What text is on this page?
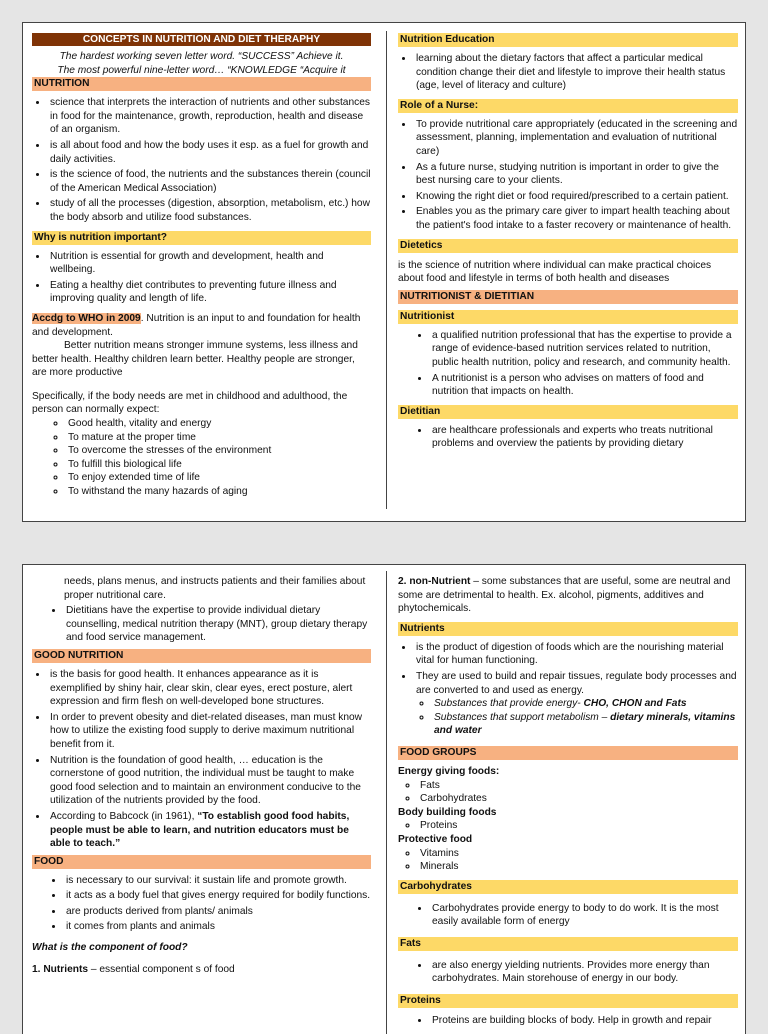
CONCEPTS IN NUTRITION AND DIET THERAPHY
The hardest working seven letter word. “SUCCESS” Achieve it.
The most powerful nine-letter word… “KNOWLEDGE “Acquire it
NUTRITION
• science that interprets the interaction of nutrients and other substances in food for the maintenance, growth, reproduction, health and disease of an organism.
• is all about food and how the body uses it esp. as a fuel for growth and daily activities.
• is the science of food, the nutrients and the substances therein (council of the American Medical Association)
• study of all the processes (digestion, absorption, metabolism, etc.) how the body absorb and utilize food substances.
Why is nutrition important?
• Nutrition is essential for growth and development, health and wellbeing.
• Eating a healthy diet contributes to preventing future illness and improving quality and length of life.

Accdg to WHO in 2009. Nutrition is an input to and foundation for health and development.

Better nutrition means stronger immune systems, less illness and better health. Healthy children learn better. Healthy people are stronger, are more productive

Specifically, if the body needs are met in childhood and adulthood, the person can normally expect:

◦ Good health, vitality and energy
◦ To mature at the proper time
◦ To overcome the stresses of the environment
◦ To fulfill this biological life
◦ To enjoy extended time of life
◦ To withstand the many hazards of aging
Nutrition Education
• learning about the dietary factors that affect a particular medical condition change their diet and lifestyle to improve their health status (age, level of literacy and culture)
Role of a Nurse:
• To provide nutritional care appropriately (educated in the screening and assessment, planning, implementation and evaluation of nutritional care)
• As a future nurse, studying nutrition is important in order to give the best nursing care to your clients.
• Knowing the right diet or food required/prescribed to a certain patient.
• Enables you as the primary care giver to impart health teaching about the patient's food intake to a faster recovery or maintenance of health.
Dietetics

is the science of nutrition where individual can make practical choices about food and lifestyle in terms of both health and diseases

NUTRITIONIST & DIETITIAN
Nutritionist
• a qualified nutrition professional that has the expertise to provide a range of evidence-based nutrition services related to nutrition, public health nutrition, policy and research, and community health.
• A nutritionist is a person who advises on matters of food and nutrition that impacts on health.
Dietitian
• are healthcare professionals and experts who treats nutritional problems and overview the patients by providing dietary

needs, plans menus, and instructs patients and their families about proper nutritional care.

• Dietitians have the expertise to provide individual dietary counselling, medical nutrition therapy (MNT), group dietary therapy and food service management.
GOOD NUTRITION
• is the basis for good health. It enhances appearance as it is exemplified by shiny hair, clear skin, clear eyes, erect posture, alert expression and firm flesh on well-developed bone structures.
• In order to prevent obesity and diet-related diseases, man must know how to utilize the existing food supply to derive maximum nutritional benefit from it.
• Nutrition is the foundation of good health, … education is the cornerstone of good nutrition, the individual must be taught to make good food selection and to maintain an environment conducive to the utilization of the nutrients provided by the food.
• According to Babcock (in 1961), “To establish good food habits, people must be able to learn, and nutrition educators must be able to teach.”
FOOD
• is necessary to our survival: it sustain life and promote growth.
• it acts as a body fuel that gives energy required for bodily functions.
• are products derived from plants/ animals
• it comes from plants and animals

What is the component of food?

1. Nutrients – essential component s of food

2. non-Nutrient – some substances that are useful, some are neutral and some are detrimental to health. Ex. alcohol, pigments, additives and phytochemicals.

Nutrients
• is the product of digestion of foods which are the nourishing material vital for human functioning.
• They are used to build and repair tissues, regulate body processes and are converted to and used as energy.
◦ Substances that provide energy- CHO, CHON and Fats
◦ Substances that support metabolism – dietary minerals, vitamins and water
FOOD GROUPS

Energy giving foods:

◦ Fats
◦ Carbohydrates

Body building foods

◦ Proteins

Protective food

◦ Vitamins
◦ Minerals
Carbohydrates
• Carbohydrates provide energy to body to do work. It is the most easily available form of energy
Fats
• are also energy yielding nutrients. Provides more energy than carbohydrates. Main storehouse of energy in our body.
Proteins
• Proteins are building blocks of body. Help in growth and repair
